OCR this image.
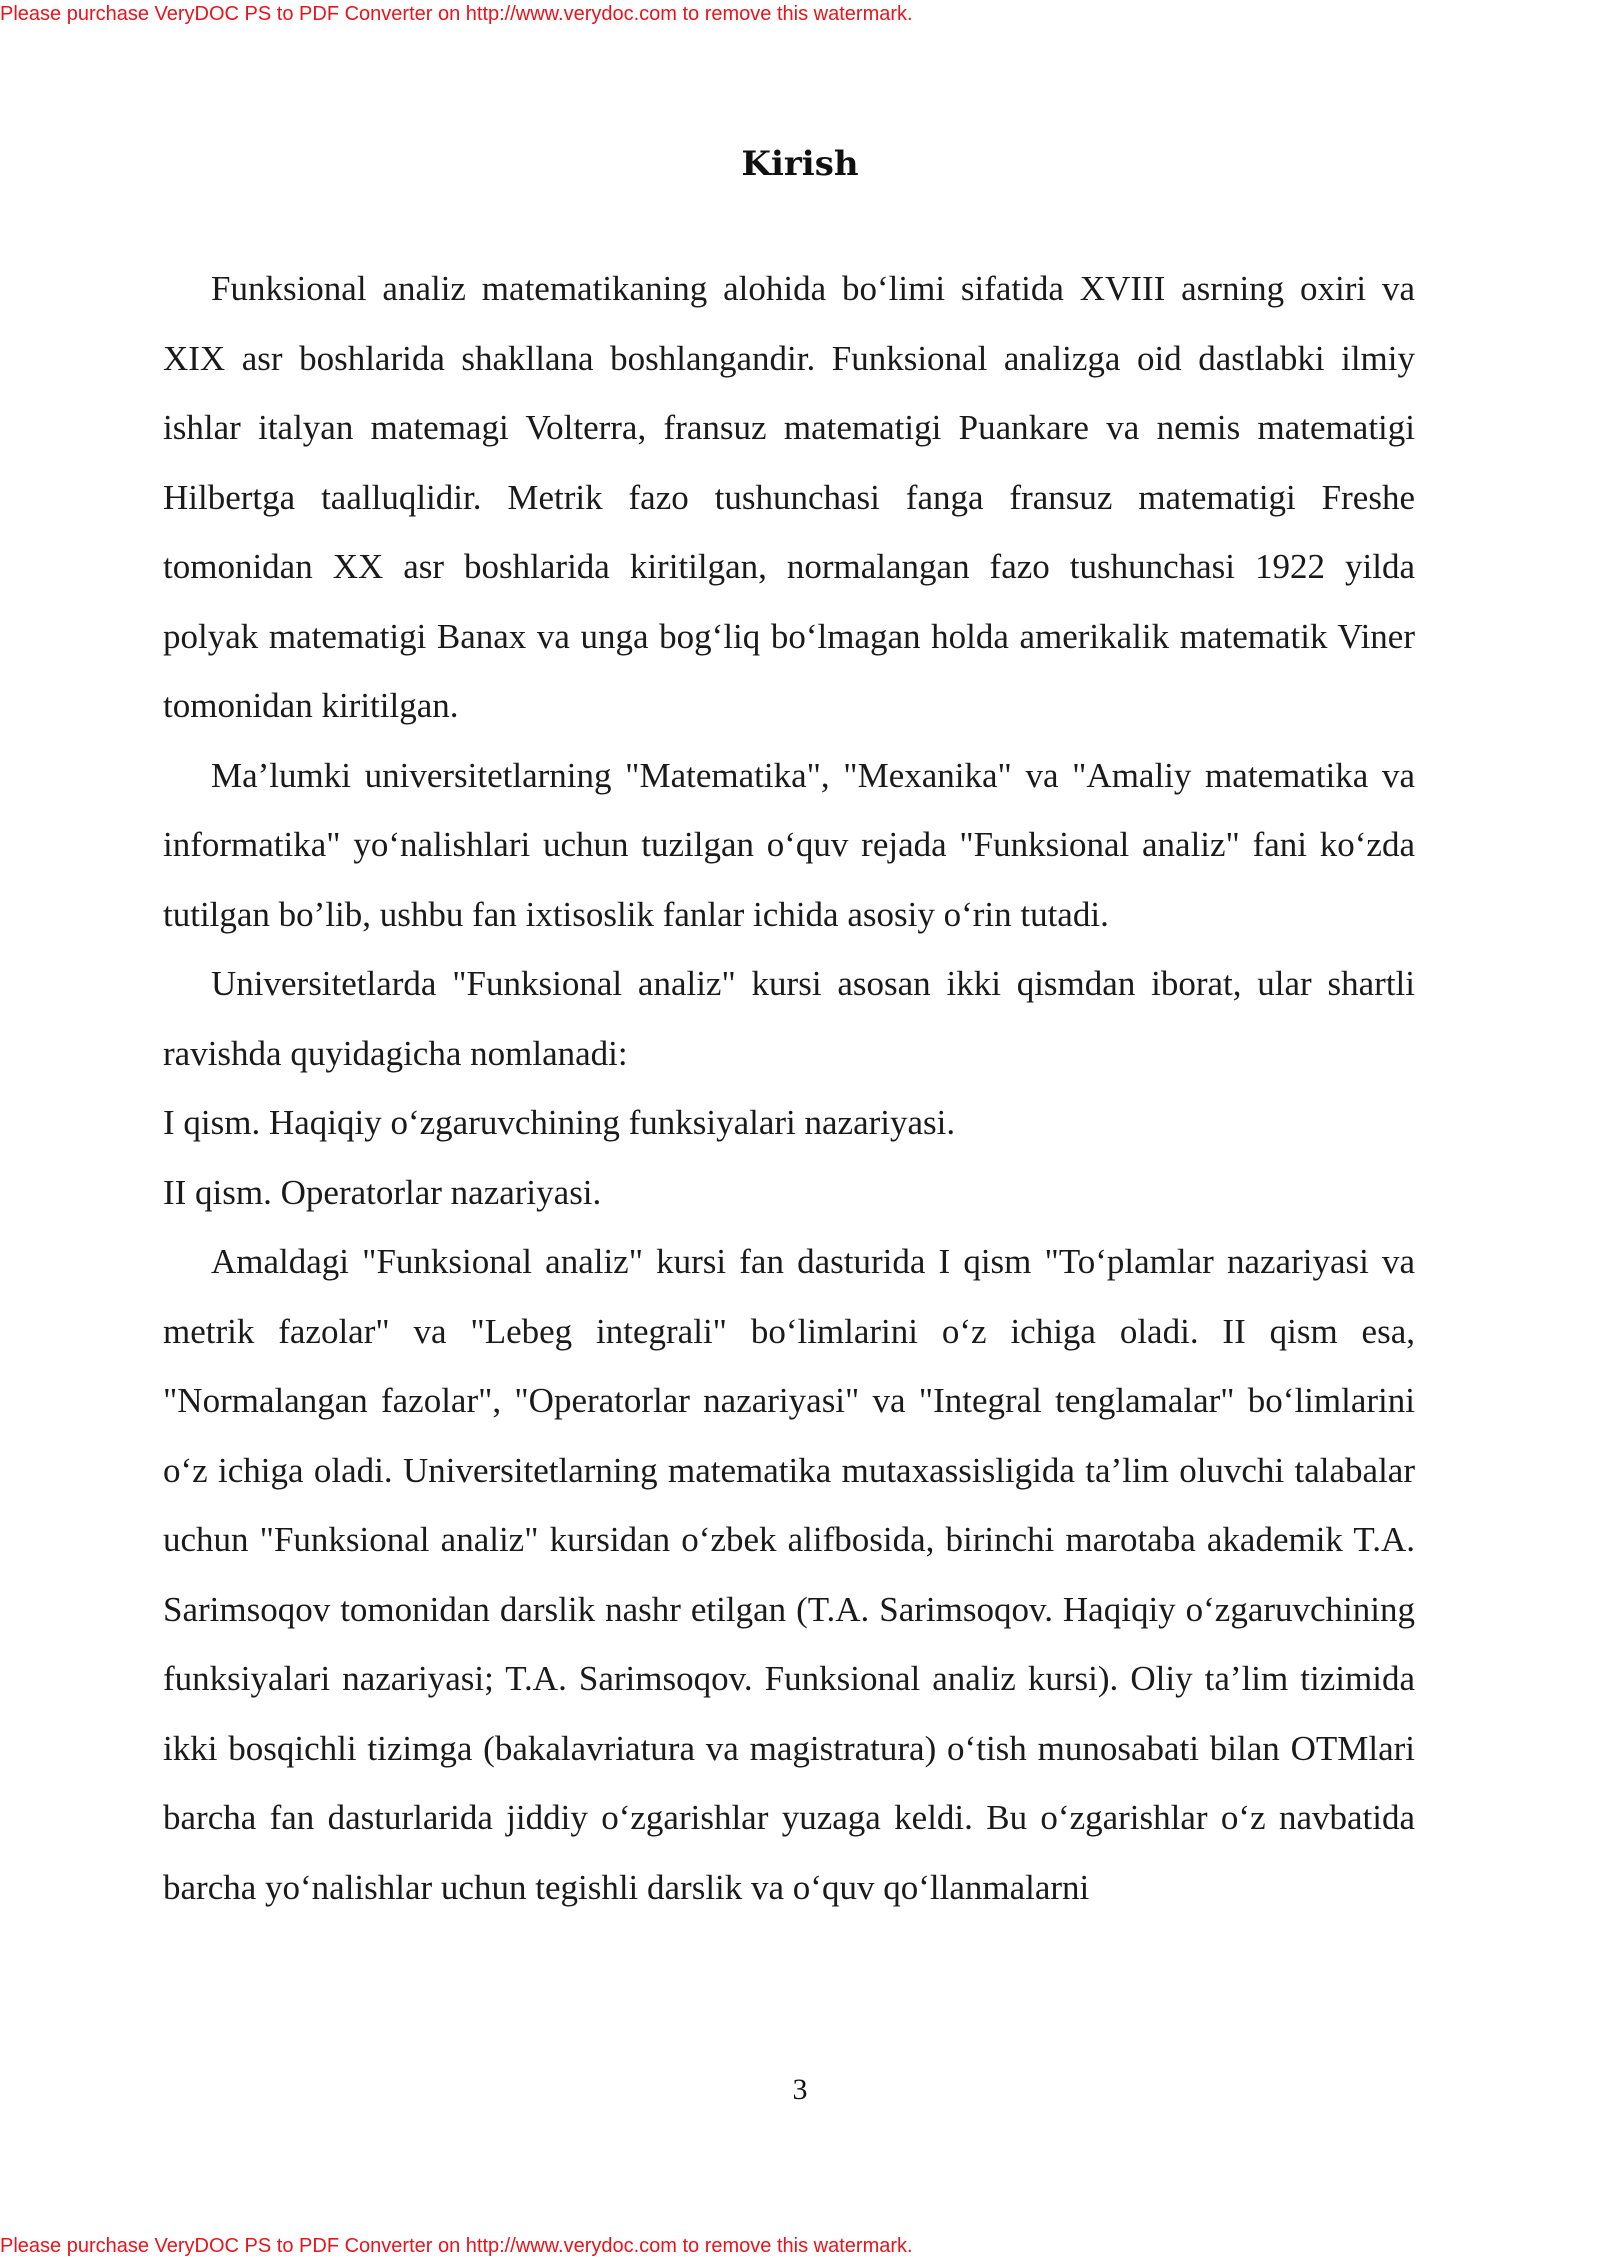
Please purchase VeryDOC PS to PDF Converter on http://www.verydoc.com to remove this watermark.
Kirish

Funksional analiz matematikaning alohida bo‘limi sifatida XVIII asrning oxiri va XIX asr boshlarida shakllana boshlangandir. Funksional analizga oid dastlabki ilmiy ishlar italyan matemagi Volterra, fransuz matematigi Puankare va nemis matematigi Hilbertga taalluqlidir. Metrik fazo tushunchasi fanga fransuz matematigi Freshe tomonidan XX asr boshlarida kiritilgan, normalangan fazo tushunchasi 1922 yilda polyak matematigi Banax va unga bog‘liq bo‘lmagan holda amerikalik matematik Viner tomonidan kiritilgan.

Ma’lumki universitetlarning "Matematika", "Mexanika" va "Amaliy matematika va informatika" yo‘nalishlari uchun tuzilgan o‘quv rejada "Funksional analiz" fani ko‘zda tutilgan bo’lib, ushbu fan ixtisoslik fanlar ichida asosiy o‘rin tutadi.

Universitetlarda "Funksional analiz" kursi asosan ikki qismdan iborat, ular shartli ravishda quyidagicha nomlanadi:

I qism. Haqiqiy o‘zgaruvchining funksiyalari nazariyasi.

II qism. Operatorlar nazariyasi.

Amaldagi "Funksional analiz" kursi fan dasturida I qism "To‘plamlar nazariyasi va metrik fazolar" va "Lebeg integrali" bo‘limlarini o‘z ichiga oladi. II qism esa, "Normalangan fazolar", "Operatorlar nazariyasi" va "Integral tenglamalar" bo‘limlarini o‘z ichiga oladi. Universitetlarning matematika mutaxassisligida ta’lim oluvchi talabalar uchun "Funksional analiz" kursidan o‘zbek alifbosida, birinchi marotaba akademik T.A. Sarimsoqov tomonidan darslik nashr etilgan (T.A. Sarimsoqov. Haqiqiy o‘zgaruvchining funksiyalari nazariyasi; T.A. Sarimsoqov. Funksional analiz kursi). Oliy ta’lim tizimida ikki bosqichli tizimga (bakalavriatura va magistratura) o‘tish munosabati bilan OTMlari barcha fan dasturlarida jiddiy o‘zgarishlar yuzaga keldi. Bu o‘zgarishlar o‘z navbatida barcha yo‘nalishlar uchun tegishli darslik va o‘quv qo‘llanmalarni

3
Please purchase VeryDOC PS to PDF Converter on http://www.verydoc.com to remove this watermark.
